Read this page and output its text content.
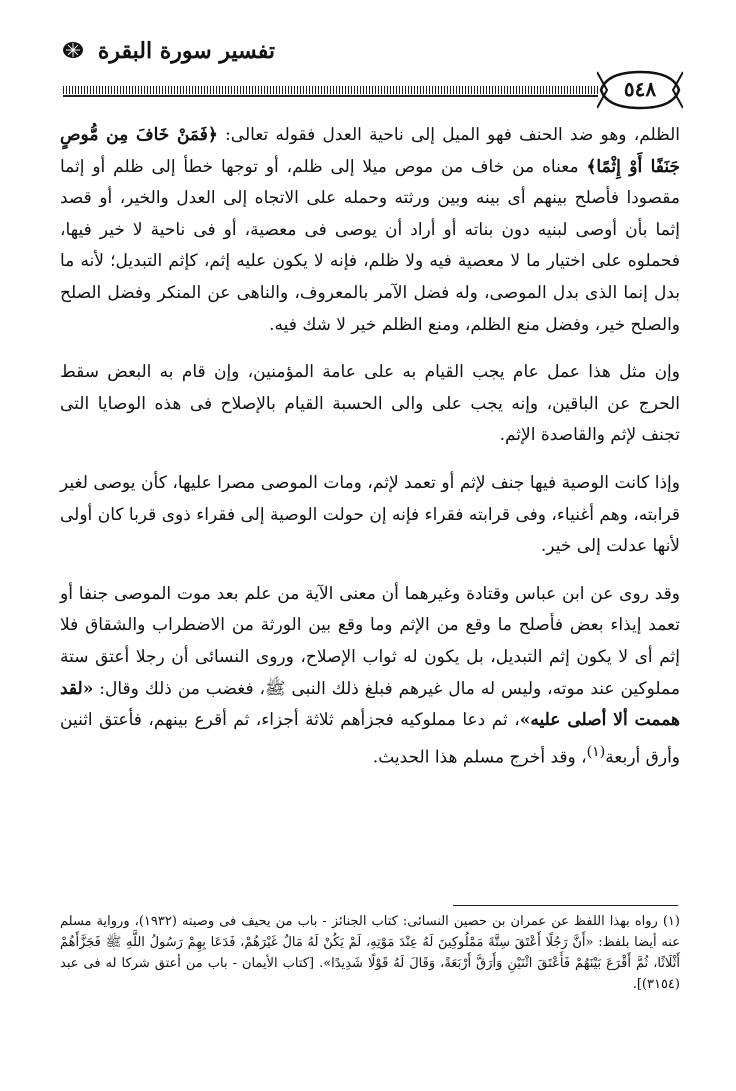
تفسير سورة البقرة
٥٤٨

الظلم، وهو ضد الحنف فهو الميل إلى ناحية العدل فقوله تعالى: ﴿فَمَنْ خَافَ مِن مُّوصٍ جَنَفًا أَوْ إِثْمًا﴾ معناه من خاف من موص ميلا إلى ظلم، أو توجها خطأ إلى ظلم أو إثما مقصودا فأصلح بينهم أى بينه وبين ورثته وحمله على الاتجاه إلى العدل والخير، أو قصد إثما بأن أوصى لبنيه دون بناته أو أراد أن يوصى فى معصية، أو فى ناحية لا خير فيها، فحملوه على اختيار ما لا معصية فيه ولا ظلم، فإنه لا يكون عليه إثم، كإثم التبديل؛ لأنه ما بدل إنما الذى بدل الموصى، وله فضل الآمر بالمعروف، والناهى عن المنكر وفضل الصلح والصلح خير، وفضل منع الظلم، ومنع الظلم خير لا شك فيه.

وإن مثل هذا عمل عام يجب القيام به على عامة المؤمنين، وإن قام به البعض سقط الحرج عن الباقين، وإنه يجب على والى الحسبة القيام بالإصلاح فى هذه الوصايا التى تجنف لإثم والقاصدة الإثم.

وإذا كانت الوصية فيها جنف لإثم أو تعمد لإثم، ومات الموصى مصرا عليها، كأن يوصى لغير قرابته، وهم أغنياء، وفى قرابته فقراء فإنه إن حولت الوصية إلى فقراء ذوى قربا كان أولى لأنها عدلت إلى خير.

وقد روى عن ابن عباس وقتادة وغيرهما أن معنى الآية من علم بعد موت الموصى جنفا أو تعمد إيذاء بعض فأصلح ما وقع من الإثم وما وقع بين الورثة من الاضطراب والشقاق فلا إثم أى لا يكون إثم التبديل، بل يكون له ثواب الإصلاح، وروى النسائى أن رجلا أعتق ستة مملوكين عند موته، وليس له مال غيرهم فبلغ ذلك النبى ﷺ، فغضب من ذلك وقال: «لقد هممت ألا أصلى عليه»، ثم دعا مملوكيه فجزأهم ثلاثة أجزاء، ثم أقرع بينهم، فأعتق اثنين وأرق أربعة$^{(١)}$، وقد أخرج مسلم هذا الحديث.

(١) رواه بهذا اللفظ عن عمران بن حصين النسائى: كتاب الجنائز - باب من يحيف فى وصيته (١٩٣٢)، ورواية مسلم عنه أيضا بلفظ: «أَنَّ رَجُلًا أَعْتَقَ سِتَّةَ مَمْلُوكِينَ لَهُ عِنْدَ مَوْتِهِ، لَمْ يَكُنْ لَهُ مَالٌ غَيْرَهُمْ، فَدَعَا بِهِمْ رَسُولُ اللَّهِ ﷺ فَجَزَّأَهُمْ أَثْلَاثًا، ثُمَّ أَقْرَعَ بَيْنَهُمْ فَأَعْتَقَ اثْنَيْنِ وَأَرَقَّ أَرْبَعَةً، وَقَالَ لَهُ قَوْلًا شَدِيدًا». [كتاب الأيمان - باب من أعتق شركا له فى عبد (٣١٥٤)].
